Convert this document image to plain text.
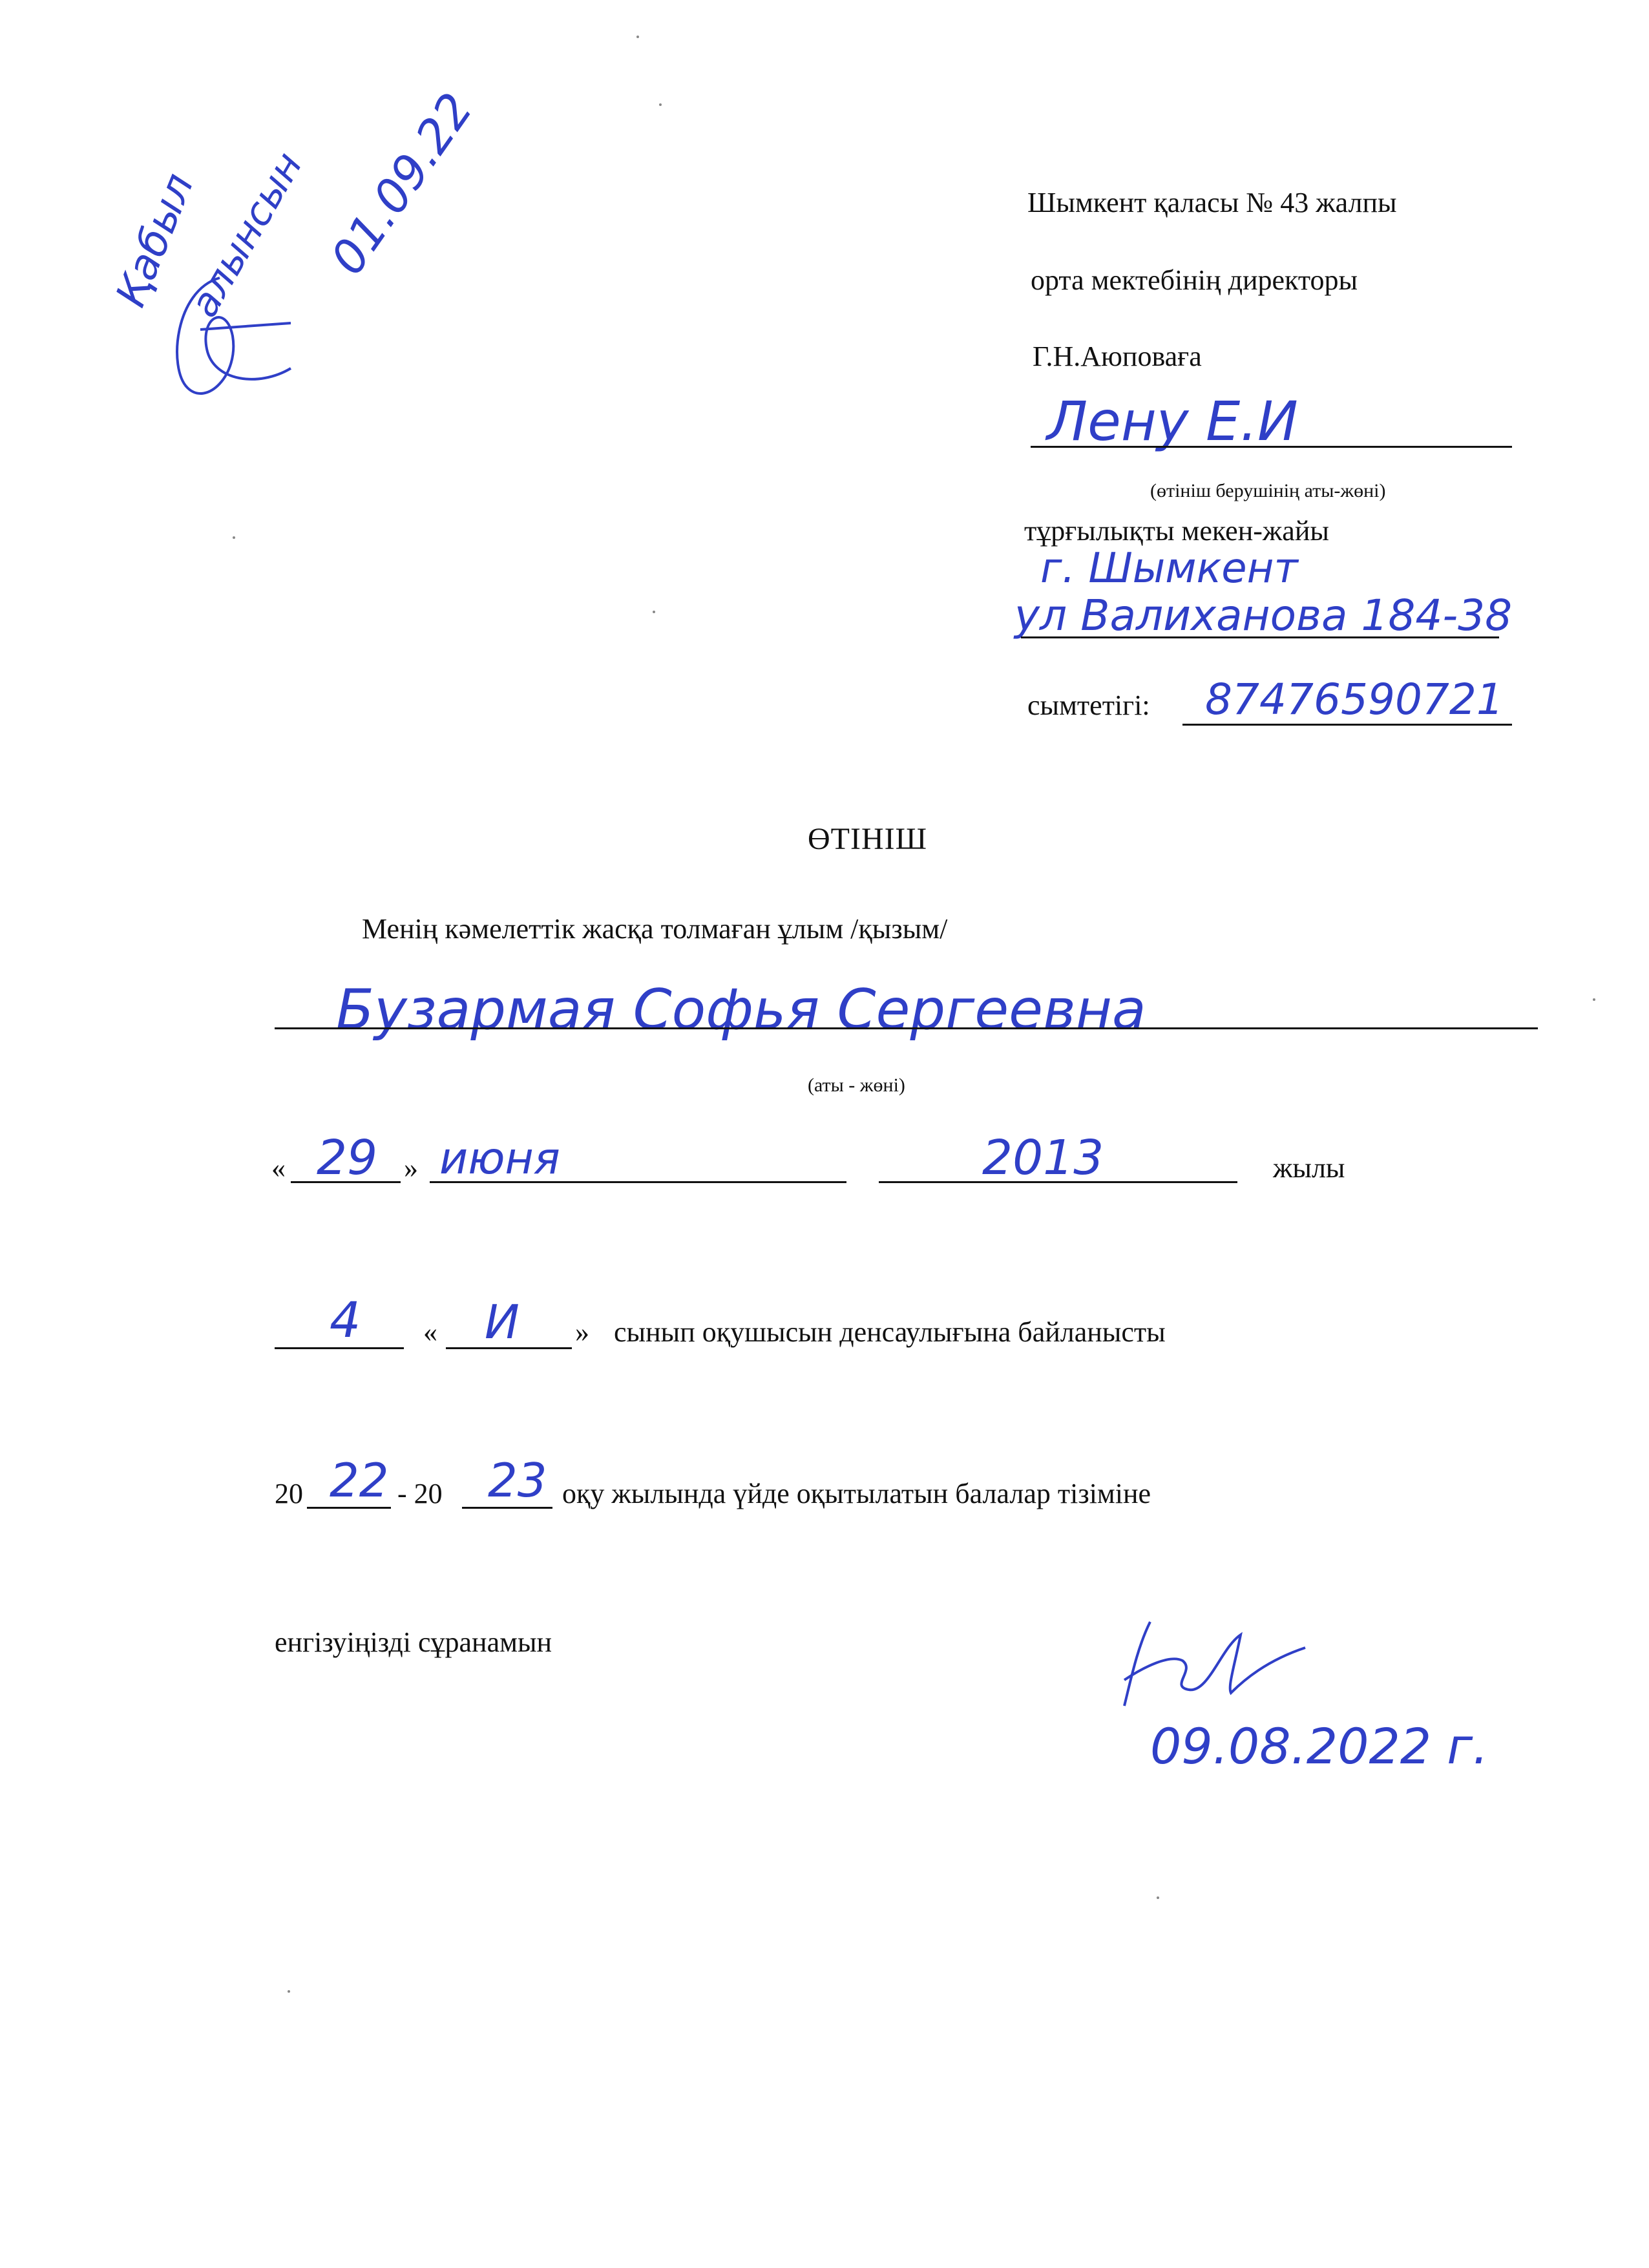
Қабыл
алынсын 01.09.22	Шымкент қаласы № 43 жалпы
орта мектебінің директоры
Г.Н.Аюповаға
Лену Е.И
(өтініш берушінің аты-жөні)
тұрғылықты мекен-жайы
г. Шымкент
ул Валиханова 184-38
сымтетігі: 87476590721
ӨТІНІШ
Менің кәмелеттік жасқа толмаған ұлым /қызым/
Бузармая Софья Сергеевна
(аты - жөні)
« 29 » июня	2013	жылы
4 « И » сынып оқушысын денсаулығына байланысты
20 22 - 20 23 оқу жылында үйде оқытылатын балалар тізіміне
енгізуіңізді сұранамын
09.08.2022 г.
